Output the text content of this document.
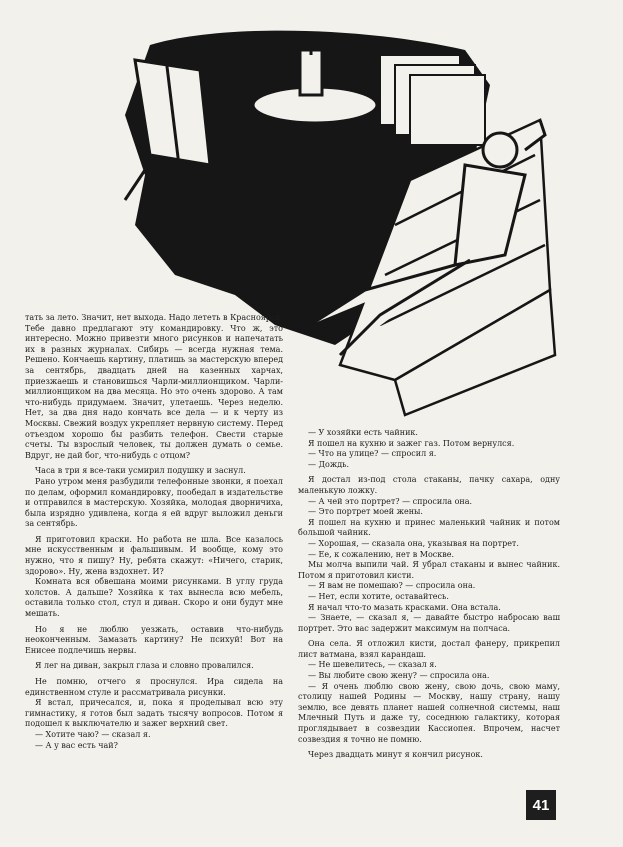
тать за лето. Значит, нет выхода. Надо лететь в Красноярск. Тебе давно предлагают эту командировку. Что ж, это интересно. Можно привезти много рисунков и напечатать их в разных журналах. Сибирь — всегда нужная тема. Решено. Кончаешь картину, платишь за мастерскую вперед за сентябрь, двадцать дней на казенных харчах, приезжаешь и становишься Чарли-миллионщиком. Чарли-миллионщиком на два месяца. Но это очень здорово. А там что-нибудь придумаем. Значит, улетаешь. Через неделю. Нет, за два дня надо кончать все дела — и к черту из Москвы. Свежий воздух укрепляет нервную систему. Перед отъездом хорошо бы разбить телефон. Свести старые счеты. Ты взрослый человек, ты должен думать о семье. Вдруг, не дай бог, что-нибудь с отцом?

Часа в три я все-таки усмирил подушку и заснул.

Рано утром меня разбудили телефонные звонки, я поехал по делам, оформил командировку, пообедал в издательстве и отправился в мастерскую. Хозяйка, молодая дворничиха, была изрядно удивлена, когда я ей вдруг выложил деньги за сентябрь.

Я приготовил краски. Но работа не шла. Все казалось мне искусственным и фальшивым. И вообще, кому это нужно, что я пишу? Ну, ребята скажут: «Ничего, старик, здорово». Ну, жена вздохнет. И?

Комната вся обвешана моими рисунками. В углу груда холстов. А дальше? Хозяйка к тах вынесла всю мебель, оставила только стол, стул и диван. Скоро и они будут мне мешать.

Но я не люблю уезжать, оставив что-нибудь неоконченным. Замазать картину? Не психуй! Вот на Енисее подлечишь нервы.

Я лег на диван, закрыл глаза и словно провалился.

Не помню, отчего я проснулся. Ира сидела на единственном стуле и рассматривала рисунки.

Я встал, причесался, и, пока я проделывал всю эту гимнастику, я готов был задать тысячу вопросов. Потом я подошел к выключателю и зажег верхний свет.

— Хотите чаю? — сказал я.

— А у вас есть чай?

— У хозяйки есть чайник.

Я пошел на кухню и зажег газ. Потом вернулся.

— Что на улице? — спросил я.

— Дождь.

Я достал из-под стола стаканы, пачку сахара, одну маленькую ложку.

— А чей это портрет? — спросила она.

— Это портрет моей жены.

Я пошел на кухню и принес маленький чайник и потом большой чайник.

— Хорошая, — сказала она, указывая на портрет.

— Ее, к сожалению, нет в Москве.

Мы молча выпили чай. Я убрал стаканы и вынес чайник. Потом я приготовил кисти.

— Я вам не помешаю? — спросила она.

— Нет, если хотите, оставайтесь.

Я начал что-то мазать красками. Она встала.

— Знаете, — сказал я, — давайте быстро набросаю ваш портрет. Это вас задержит максимум на полчаса.

Она села. Я отложил кисти, достал фанеру, прикрепил лист ватмана, взял карандаш.

— Не шевелитесь, — сказал я.

— Вы любите свою жену? — спросила она.

— Я очень люблю свою жену, свою дочь, свою маму, столицу нашей Родины — Москву, нашу страну, нашу землю, все девять планет нашей солнечной системы, наш Млечный Путь и даже ту, соседнюю галактику, которая проглядывает в созвездии Кассиопея. Впрочем, насчет созвездия я точно не помню.

Через двадцать минут я кончил рисунок.

41
